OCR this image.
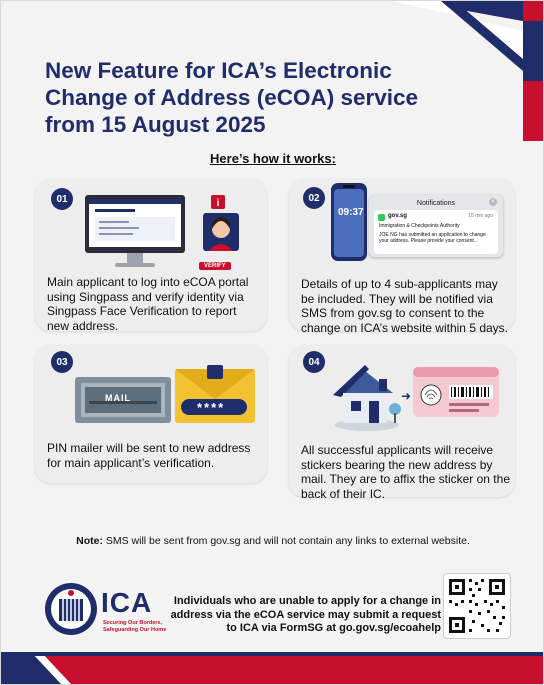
New Feature for ICA’s Electronic Change of Address (eCOA) service from 15 August 2025
Here’s how it works:
01	i
VERIFY
Main applicant to log into eCOA portal using Singpass and verify identity via Singpass Face Verification to report new address.
02
09:37
Notifications	×
gov.sg	15 min ago
Immigration & Checkpoints Authority
JOE NG has submitted an application to change your address. Please provide your consent...
Details of up to 4 sub-applicants may be included. They will be notified via SMS from gov.sg to consent to the change on ICA’s website within 5 days.
03
MAIL
****
PIN mailer will be sent to new address for main applicant’s verification.
04
➜
All successful applicants will receive stickers bearing the new address by mail. They are to affix the sticker on the back of their IC.
Note: SMS will be sent from gov.sg and will not contain any links to external website.
ICA
Securing Our Borders,
Safeguarding Our Home
Individuals who are unable to apply for a change in address via the eCOA service may submit a request to ICA via FormSG at go.gov.sg/ecoahelp
